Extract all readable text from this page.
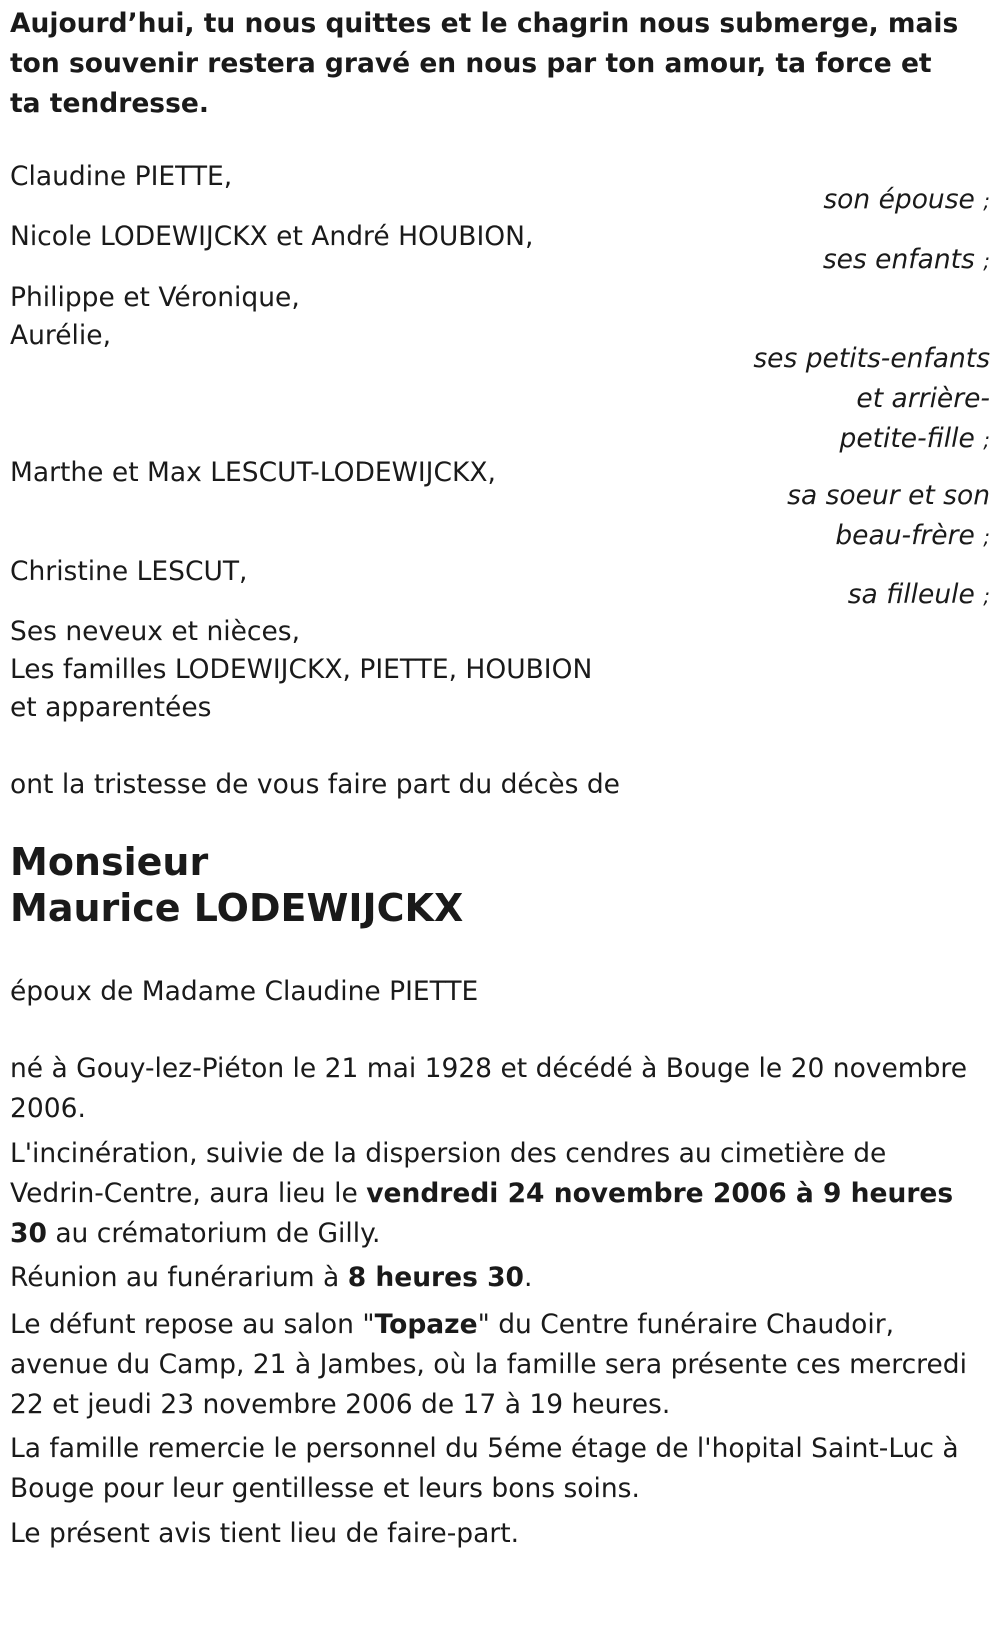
Aujourd’hui, tu nous quittes et le chagrin nous submerge, mais ton souvenir restera gravé en nous par ton amour, ta force et ta tendresse.

Claudine PIETTE,
son épouse ;
Nicole LODEWIJCKX et André HOUBION,
ses enfants ;
Philippe et Véronique,
Aurélie,
ses petits-enfants
et arrière-
petite-fille ;
Marthe et Max LESCUT-LODEWIJCKX,
sa soeur et son
beau-frère ;
Christine LESCUT,
sa filleule ;
Ses neveux et nièces,
Les familles LODEWIJCKX, PIETTE, HOUBION
et apparentées
ont la tristesse de vous faire part du décès de
Monsieur
Maurice LODEWIJCKX
époux de Madame Claudine PIETTE

né à Gouy-lez-Piéton le 21 mai 1928 et décédé à Bouge le 20 novembre 2006.

L'incinération, suivie de la dispersion des cendres au cimetière de Vedrin-Centre, aura lieu le vendredi 24 novembre 2006 à 9 heures 30 au crématorium de Gilly.

Réunion au funérarium à 8 heures 30.

Le défunt repose au salon "Topaze" du Centre funéraire Chaudoir, avenue du Camp, 21 à Jambes, où la famille sera présente ces mercredi 22 et jeudi 23 novembre 2006 de 17 à 19 heures.

La famille remercie le personnel du 5éme étage de l'hopital Saint-Luc à Bouge pour leur gentillesse et leurs bons soins.

Le présent avis tient lieu de faire-part.
